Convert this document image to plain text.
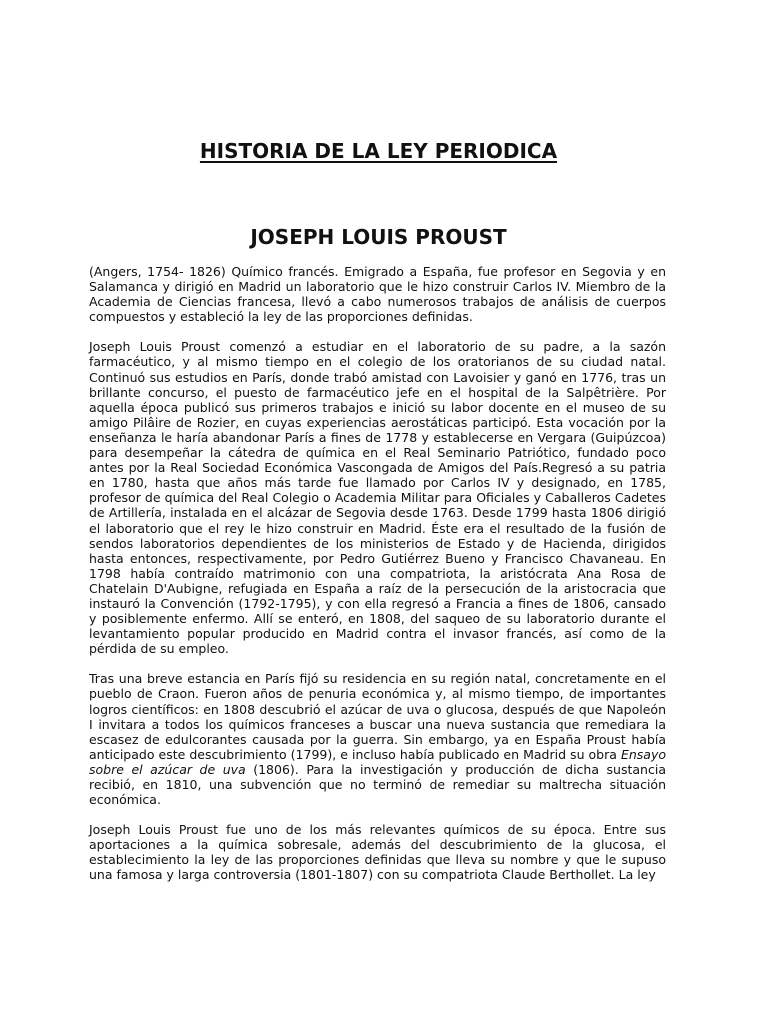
HISTORIA DE LA LEY PERIODICA
JOSEPH LOUIS PROUST

(Angers, 1754- 1826) Químico francés. Emigrado a España, fue profesor en Segovia y en Salamanca y dirigió en Madrid un laboratorio que le hizo construir Carlos IV. Miembro de la Academia de Ciencias francesa, llevó a cabo numerosos trabajos de análisis de cuerpos compuestos y estableció la ley de las proporciones definidas.

Joseph Louis Proust comenzó a estudiar en el laboratorio de su padre, a la sazón farmacéutico, y al mismo tiempo en el colegio de los oratorianos de su ciudad natal. Continuó sus estudios en París, donde trabó amistad con Lavoisier y ganó en 1776, tras un brillante concurso, el puesto de farmacéutico jefe en el hospital de la Salpêtrière. Por aquella época publicó sus primeros trabajos e inició su labor docente en el museo de su amigo Pilâire de Rozier, en cuyas experiencias aerostáticas participó. Esta vocación por la enseñanza le haría abandonar París a fines de 1778 y establecerse en Vergara (Guipúzcoa) para desempeñar la cátedra de química en el Real Seminario Patriótico, fundado poco antes por la Real Sociedad Económica Vascongada de Amigos del País.Regresó a su patria en 1780, hasta que años más tarde fue llamado por Carlos IV y designado, en 1785, profesor de química del Real Colegio o Academia Militar para Oficiales y Caballeros Cadetes de Artillería, instalada en el alcázar de Segovia desde 1763. Desde 1799 hasta 1806 dirigió el laboratorio que el rey le hizo construir en Madrid. Éste era el resultado de la fusión de sendos laboratorios dependientes de los ministerios de Estado y de Hacienda, dirigidos hasta entonces, respectivamente, por Pedro Gutiérrez Bueno y Francisco Chavaneau. En 1798 había contraído matrimonio con una compatriota, la aristócrata Ana Rosa de Chatelain D'Aubigne, refugiada en España a raíz de la persecución de la aristocracia que instauró la Convención (1792-1795), y con ella regresó a Francia a fines de 1806, cansado y posiblemente enfermo. Allí se enteró, en 1808, del saqueo de su laboratorio durante el levantamiento popular producido en Madrid contra el invasor francés, así como de la pérdida de su empleo.

Tras una breve estancia en París fijó su residencia en su región natal, concretamente en el pueblo de Craon. Fueron años de penuria económica y, al mismo tiempo, de importantes logros científicos: en 1808 descubrió el azúcar de uva o glucosa, después de que Napoleón I invitara a todos los químicos franceses a buscar una nueva sustancia que remediara la escasez de edulcorantes causada por la guerra. Sin embargo, ya en España Proust había anticipado este descubrimiento (1799), e incluso había publicado en Madrid su obra Ensayo sobre el azúcar de uva (1806). Para la investigación y producción de dicha sustancia recibió, en 1810, una subvención que no terminó de remediar su maltrecha situación económica.

Joseph Louis Proust fue uno de los más relevantes químicos de su época. Entre sus aportaciones a la química sobresale, además del descubrimiento de la glucosa, el establecimiento la ley de las proporciones definidas que lleva su nombre y que le supuso una famosa y larga controversia (1801-1807) con su compatriota Claude Berthollet. La ley
